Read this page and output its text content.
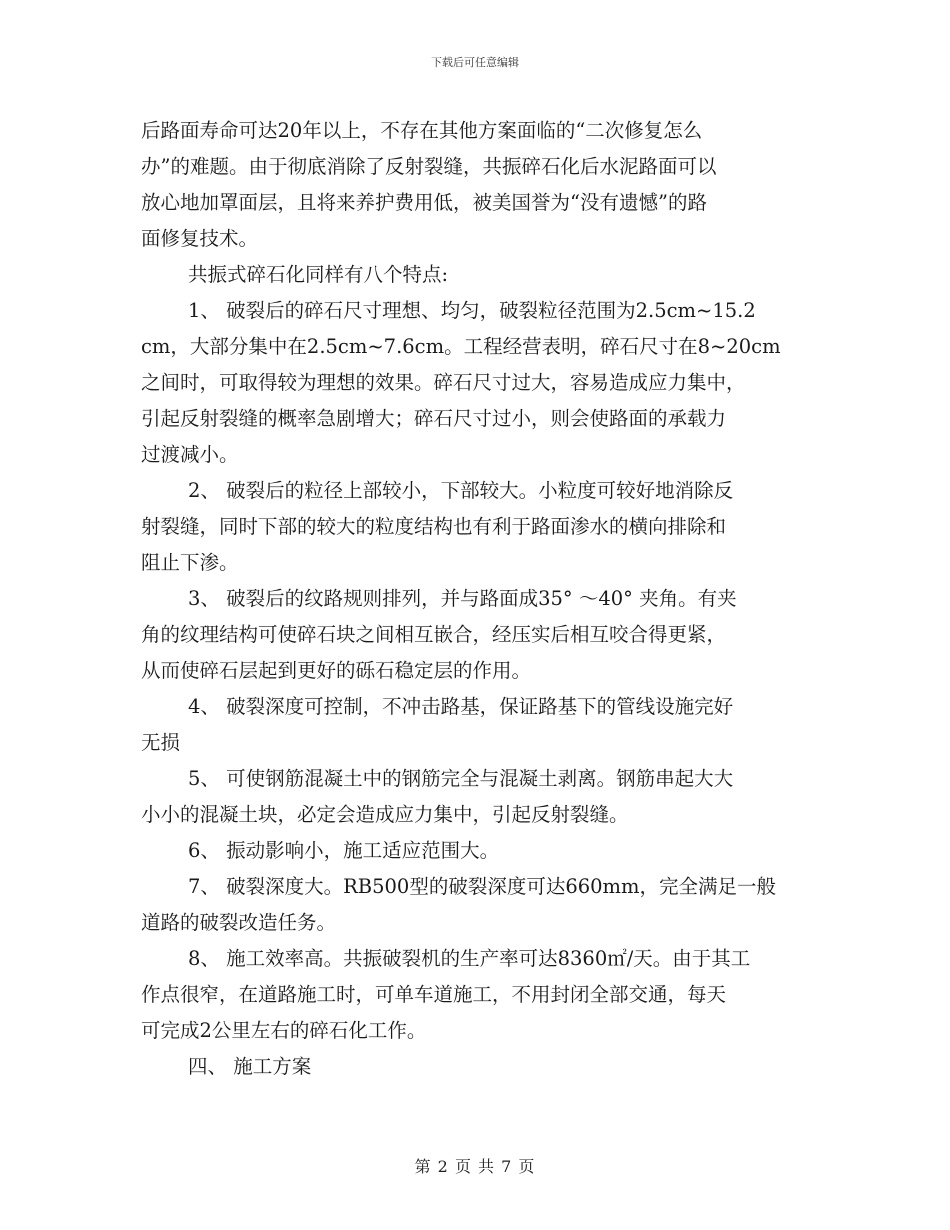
下载后可任意编辑
后路面寿命可达20年以上，不存在其他方案面临的“二次修复怎么
办”的难题。由于彻底消除了反射裂缝，共振碎石化后水泥路面可以
放心地加罩面层，且将来养护费用低，被美国誉为“没有遗憾”的路
面修复技术。
共振式碎石化同样有八个特点:
1、 破裂后的碎石尺寸理想、均匀，破裂粒径范围为2.5cm~15.2
cm，大部分集中在2.5cm~7.6cm。工程经营表明，碎石尺寸在8~20cm
之间时，可取得较为理想的效果。碎石尺寸过大，容易造成应力集中，
引起反射裂缝的概率急剧增大；碎石尺寸过小，则会使路面的承载力
过渡减小。
2、 破裂后的粒径上部较小，下部较大。小粒度可较好地消除反
射裂缝，同时下部的较大的粒度结构也有利于路面渗水的横向排除和
阻止下渗。
3、 破裂后的纹路规则排列，并与路面成35° ～40° 夹角。有夹
角的纹理结构可使碎石块之间相互嵌合，经压实后相互咬合得更紧，
从而使碎石层起到更好的砾石稳定层的作用。
4、 破裂深度可控制，不冲击路基，保证路基下的管线设施完好
无损
5、 可使钢筋混凝土中的钢筋完全与混凝土剥离。钢筋串起大大
小小的混凝土块，必定会造成应力集中，引起反射裂缝。
6、 振动影响小，施工适应范围大。
7、 破裂深度大。RB500型的破裂深度可达660mm，完全满足一般
道路的破裂改造任务。
8、 施工效率高。共振破裂机的生产率可达8360㎡/天。由于其工
作点很窄，在道路施工时，可单车道施工，不用封闭全部交通，每天
可完成2公里左右的碎石化工作。
四、 施工方案
第 2 页 共 7 页
